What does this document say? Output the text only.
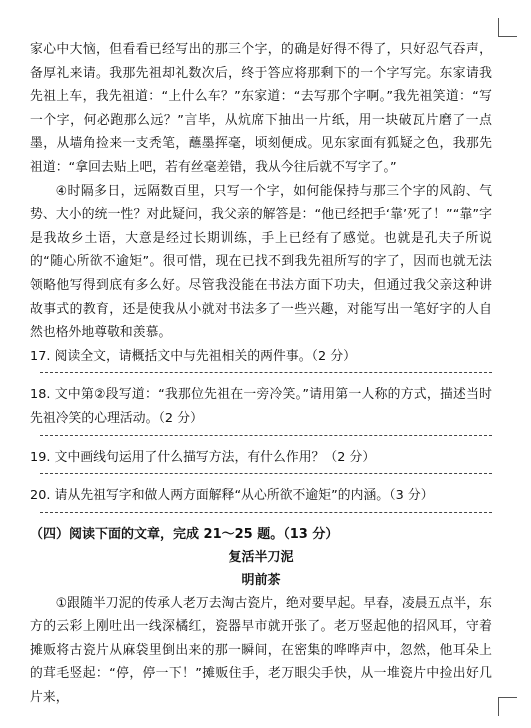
家心中大恼，但看看已经写出的那三个字，的确是好得不得了，只好忍气吞声，备厚礼来请。我那先祖却礼数次后，终于答应将那剩下的一个字写完。东家请我先祖上车，我先祖道：“上什么车？”东家道：“去写那个字啊。”我先祖笑道：“写一个字，何必跑那么远？”言毕，从炕席下抽出一片纸，用一块破瓦片磨了一点墨，从墙角捡来一支秃笔，蘸墨挥毫，顷刻便成。见东家面有狐疑之色，我那先祖道：“拿回去贴上吧，若有丝毫差错，我从今往后就不写字了。”

④时隔多日，远隔数百里，只写一个字，如何能保持与那三个字的风韵、气势、大小的统一性？对此疑问，我父亲的解答是：“他已经把手‘靠’死了！”“靠”字是我故乡土语，大意是经过长期训练，手上已经有了感觉。也就是孔夫子所说的“随心所欲不逾矩”。很可惜，现在已找不到我先祖所写的字了，因而也就无法领略他写得到底有多么好。尽管我没能在书法方面下功夫，但通过我父亲这种讲故事式的教育，还是使我从小就对书法多了一些兴趣，对能写出一笔好字的人自然也格外地尊敬和羡慕。

17. 阅读全文，请概括文中与先祖相关的两件事。（2 分）

18. 文中第②段写道：“我那位先祖在一旁冷笑。”请用第一人称的方式，描述当时先祖冷笑的心理活动。（2 分）

19. 文中画线句运用了什么描写方法，有什么作用？（2 分）

20. 请从先祖写字和做人两方面解释“从心所欲不逾矩”的内涵。（3 分）

（四）阅读下面的文章，完成 21～25 题。（13 分）
复活半刀泥
明前茶

①跟随半刀泥的传承人老万去淘古瓷片，绝对要早起。早春，凌晨五点半，东方的云彩上刚吐出一线深橘红，瓷器早市就开张了。老万竖起他的招风耳，守着摊贩将古瓷片从麻袋里倒出来的那一瞬间，在密集的哗哗声中，忽然，他耳朵上的茸毛竖起：“停，停一下！”摊贩住手，老万眼尖手快，从一堆瓷片中捡出好几片来，
